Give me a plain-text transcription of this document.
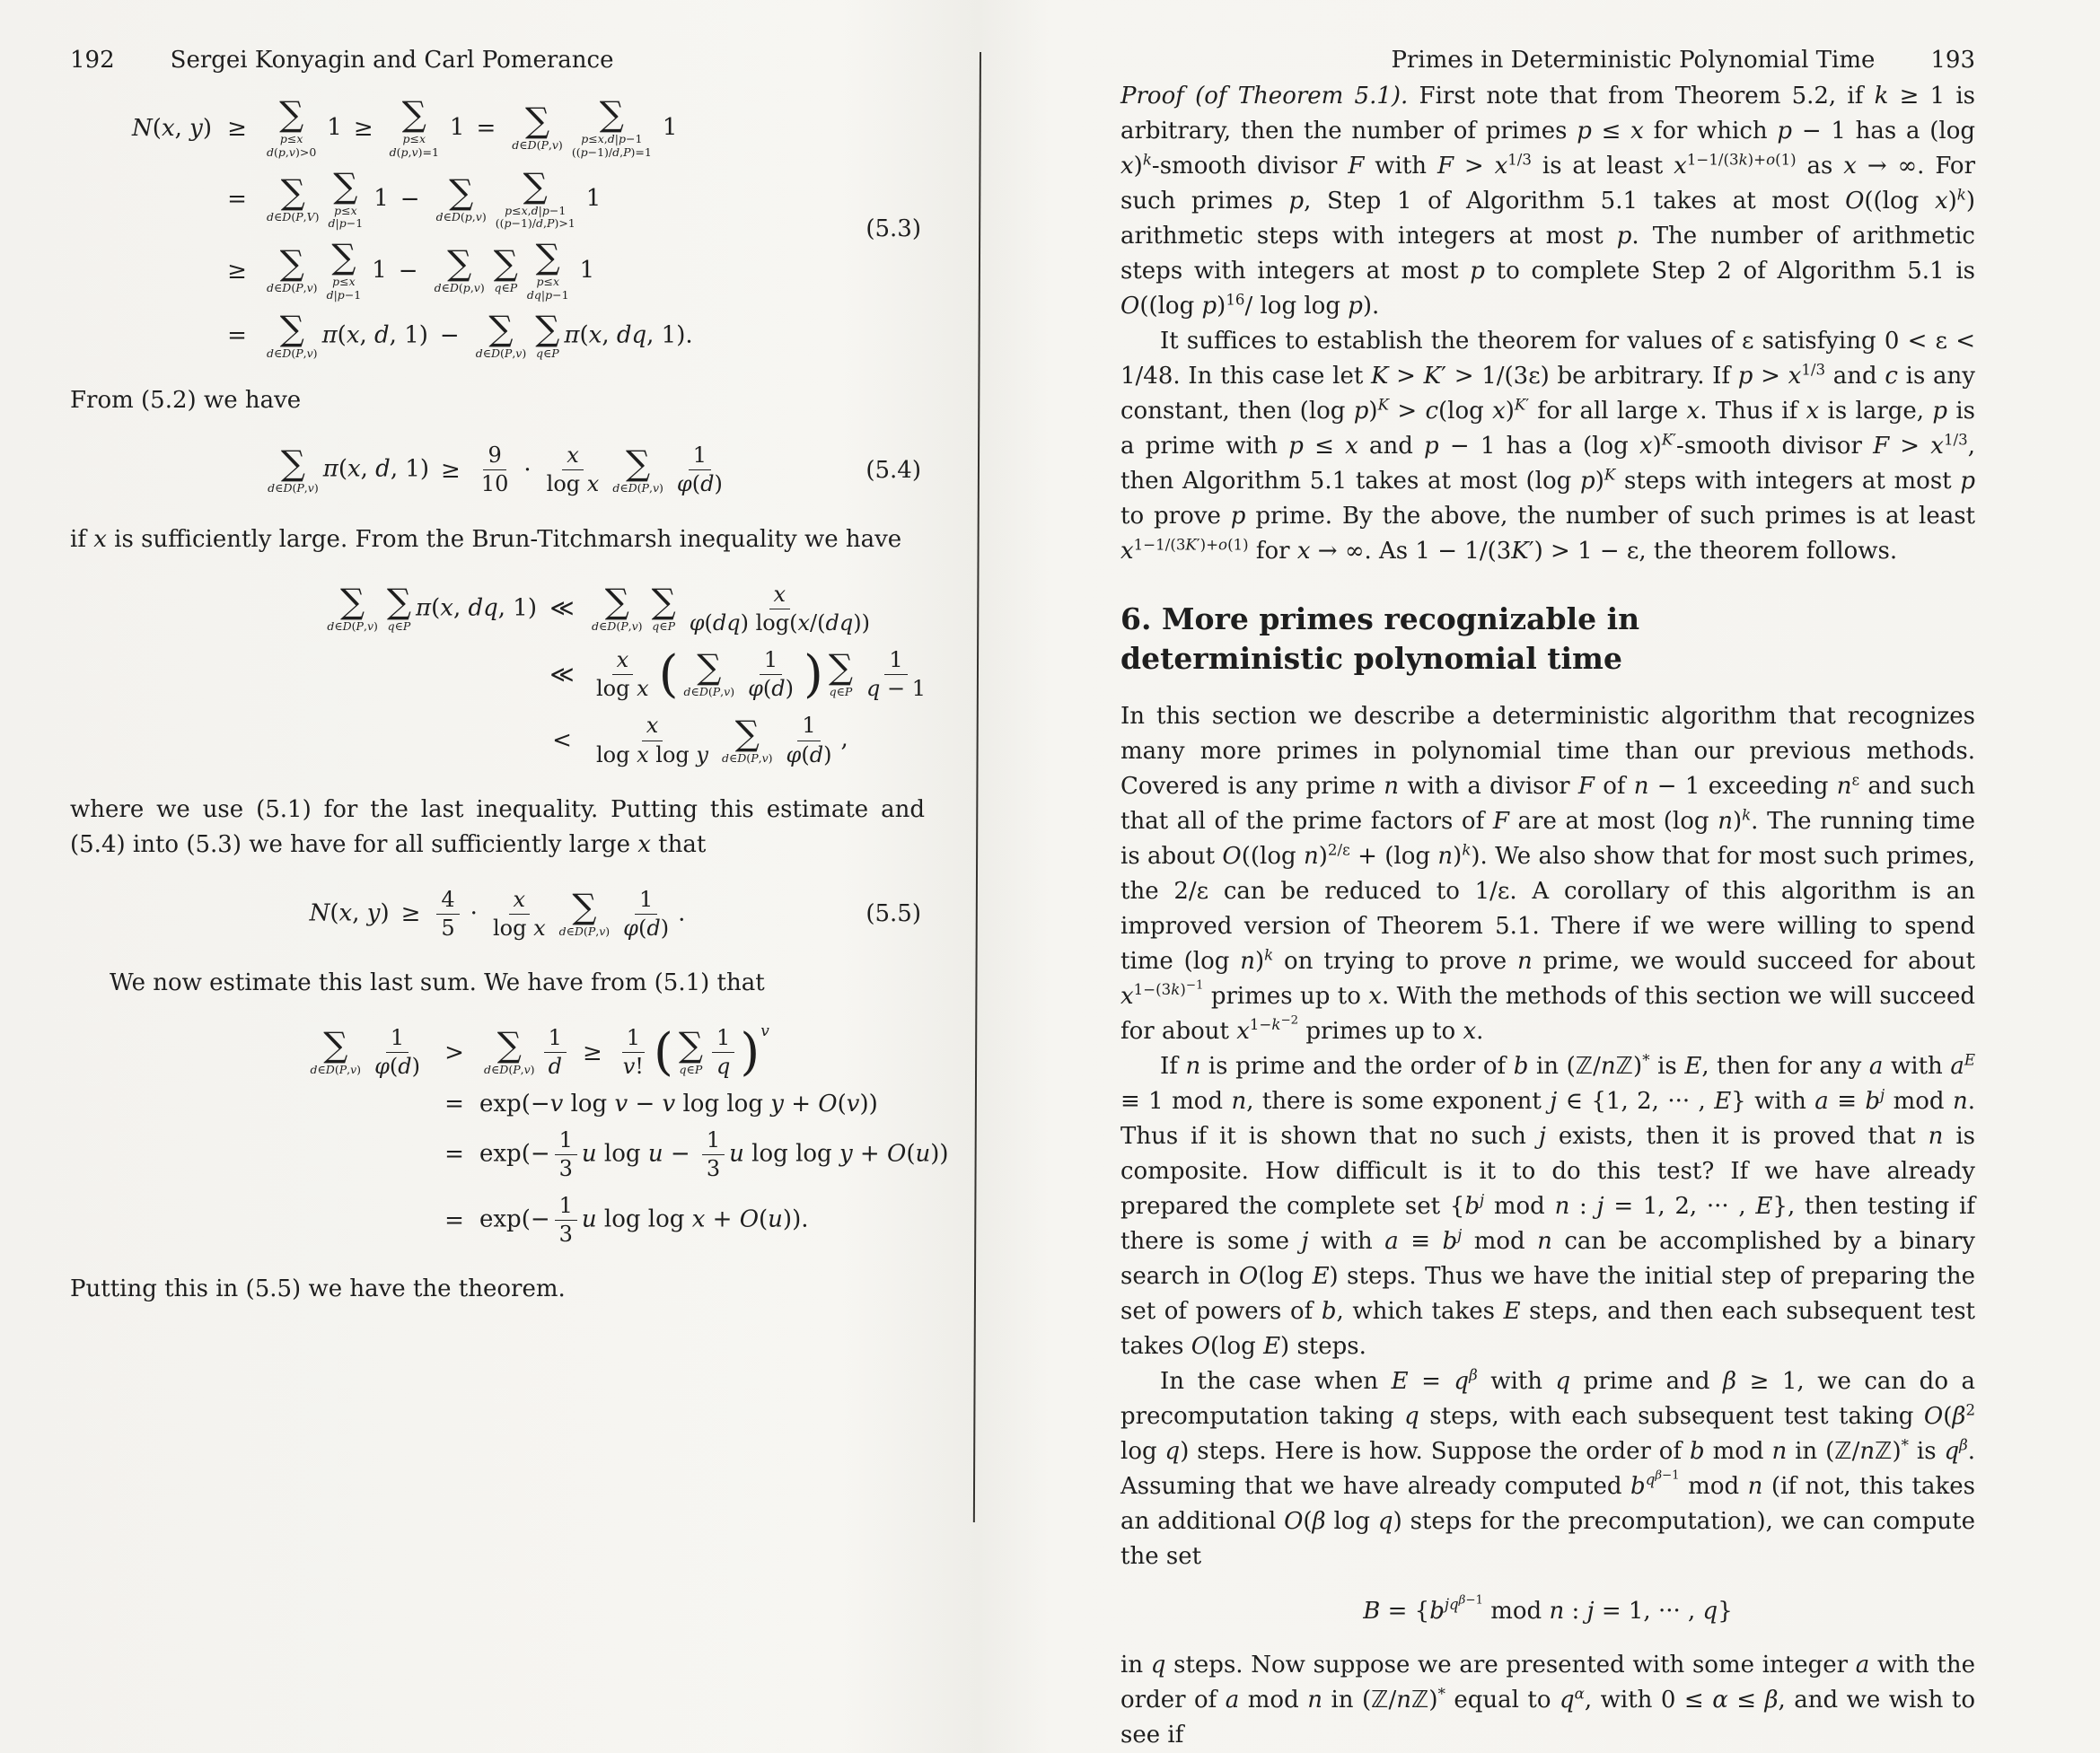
192 Sergei Konyagin and Carl Pomerance
N(x, y) ≥ ∑
p≤x
d(p,v)>0
1 ≥ ∑
p≤x
d(p,v)=1
1 = ∑
d∈D(P,v)
∑
p≤x,d|p−1
((p−1)/d,P)=1
1
= ∑
d∈D(P,V)
∑
p≤x
d|p−1
1 − ∑
d∈D(p,v)
∑
p≤x,d|p−1
((p−1)/d,P)>1
1
≥ ∑
d∈D(P,v)
∑
p≤x
d|p−1
1 − ∑
d∈D(p,v)
∑
q∈P
∑
p≤x
dq|p−1
1
= ∑
d∈D(P,v)
π(x, d, 1) − ∑
d∈D(P,v)
∑
q∈P
π(x, dq, 1).
(5.3)

From (5.2) we have

∑
d∈D(P,v)
π(x, d, $1) \ge \frac{9}{10} \cdot \frac{x}{\text{log x}}$ ∑
d∈D(P,v) $\frac{1}{\varphi(d)}$	(5.4)

if x is sufficiently large. From the Brun-Titchmarsh inequality we have

∑
d∈D(P,v)
∑
q∈P
π(x, dq, 1) ≪ ∑
d∈D(P,v)
∑
q∈P $\frac{x}{\varphi(dq) \log(x/(dq))}$
≪ $\frac{x}{\text{log x}}$ ( ∑
d∈D(P,v) $\frac{1}{\varphi(d)}$ ) ∑
q∈P $\frac{1}{q - 1}$
< $\frac{x}{\text{log x log y}}$ ∑
d∈D(P,v) $\frac{1}{\varphi(d)}$ ,

where we use (5.1) for the last inequality. Putting this estimate and (5.4) into (5.3) we have for all sufficiently large x that

N(x, $y) \ge \frac{4}{5} \cdot \frac{x}{\text{log x}}$ ∑
d∈D(P,v) $\frac{1}{\varphi(d)}$ .	(5.5)

We now estimate this last sum. We have from (5.1) that

∑
d∈D(P,v) $\frac{1}{\varphi(d)}$ > ∑
d∈D(P,v) $\frac{1}{d} \ge \frac{1}{v!}$ ( ∑
q∈P $\frac{1}{q} )v$
= exp(−v log v − v log log y + O(v))
= $\exp(- \frac{1}{3}$ u $\log u - \frac{1}{3}$ u log log y + O(u))
= $\exp(- \frac{1}{3}$ u log log x + O(u)).

Putting this in (5.5) we have the theorem.

Primes in Deterministic Polynomial Time 193

Proof (of Theorem 5.1). First note that from Theorem 5.2, if k ≥ 1 is arbitrary, then the number of primes p ≤ x for which p − 1 has a (log x)$^k$-smooth divisor F with $F > x^{1/3}$ is at least $x^{1-1/(3k)+o(1)}$ as x → ∞. For such primes p, Step 1 of Algorithm 5.1 takes at most O((log x)$^k$) arithmetic steps with integers at most p. The number of arithmetic steps with integers at most p to complete Step 2 of Algorithm 5.1 is O((log p)$^{16}$/ log log p).

It suffices to establish the theorem for values of ε satisfying 0 < ε < 1/48. In this case let K > K′ > 1/(3ε) be arbitrary. If $p > x^{1/3}$ and c is any constant, then (log p)$^K$ > c(log x)$^{K'}$ for all large x. Thus if x is large, p is a prime with p ≤ x and p − 1 has a (log x)$^{K'}$-smooth divisor $F > x^{1/3}$, then Algorithm 5.1 takes at most (log p)$^K$ steps with integers at most p to prove p prime. By the above, the number of such primes is at least $x^{1-1/(3K')+o(1)}$ for x → ∞. As 1 − 1/(3K′) > 1 − ε, the theorem follows.

6. More primes recognizable in deterministic polynomial time

In this section we describe a deterministic algorithm that recognizes many more primes in polynomial time than our previous methods. Covered is any prime n with a divisor F of n − 1 exceeding $n^\varepsilon$ and such that all of the prime factors of F are at most (log n)$^k$. The running time is about O((log n)$^{2/\varepsilon}$ + (log n)$^k$). We also show that for most such primes, the 2/ε can be reduced to 1/ε. A corollary of this algorithm is an improved version of Theorem 5.1. There if we were willing to spend time (log n)$^k$ on trying to prove n prime, we would succeed for about $x^{1-(3k)^{-1}}$ primes up to x. With the methods of this section we will succeed for about $x^{1-k^{-2}}$ primes up to x.

If n is prime and the order of b in (ℤ/nℤ)* is E, then for any a with $a^E \equiv 1$ mod n, there is some exponent j ∈ {1, 2, ··· , E} with $a \equiv b^j$ mod n. Thus if it is shown that no such j exists, then it is proved that n is composite. How difficult is it to do this test? If we have already prepared the complete set {$b^j$ mod n : j = 1, 2, ··· , E}, then testing if there is some j with $a \equiv b^j$ mod n can be accomplished by a binary search in O(log E) steps. Thus we have the initial step of preparing the set of powers of b, which takes E steps, and then each subsequent test takes O(log E) steps.

In the case when $E = q^\beta$ with q prime and β ≥ 1, we can do a precomputation taking q steps, with each subsequent test taking $O(\beta^2$ log q) steps. Here is how. Suppose the order of b mod n in (ℤ/nℤ)* is $q^\beta$. Assuming that we have already computed $b^{q^{\beta-1}}$ mod n (if not, this takes an additional O(β log q) steps for the precomputation), we can compute the set

$B = \{b^{jq^{\beta-1}}$ mod n : j = 1, ··· , q}

in q steps. Now suppose we are presented with some integer a with the order of a mod n in (ℤ/nℤ)* equal to $q^\alpha$, with 0 ≤ α ≤ β, and we wish to see if
